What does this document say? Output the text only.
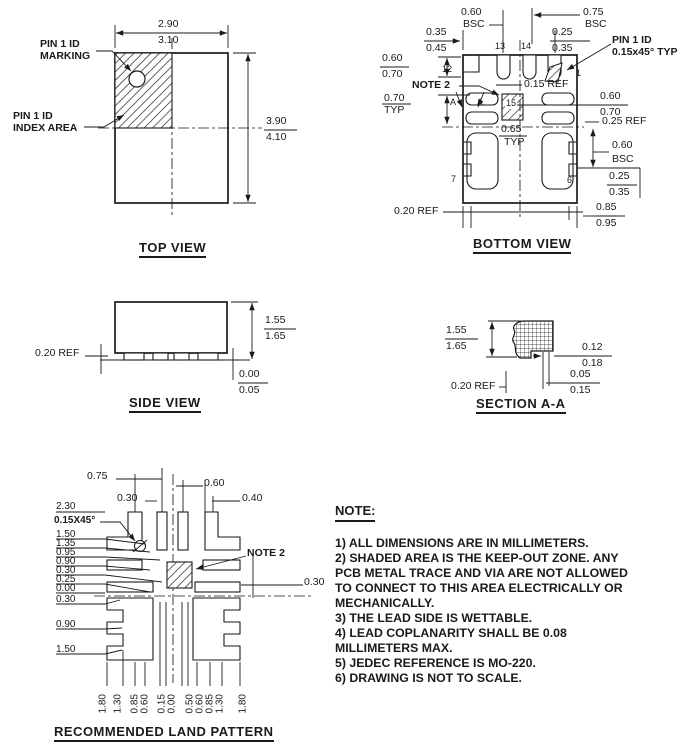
2.90
3.10
3.90
4.10
PIN 1 ID
MARKING
PIN 1 ID
INDEX AREA
TOP VIEW
0.60
BSC
0.75
BSC
0.35
0.45
0.25
0.35
PIN 1 ID
0.15x45° TYP
13 14
12	1
0.60
0.70
NOTE 2
0.70
TYP
A A
0.15 REF
15
0.65
TYP
0.60
0.70
0.25 REF
0.60
BSC
0.25
0.35
0.85
0.95
0.20 REF
7	6
BOTTOM VIEW
1.55
1.65
0.00
0.05
0.20 REF
SIDE VIEW
1.55
1.65	0.12
0.18
0.05
0.15
0.20 REF
SECTION A-A
0.75
0.30
0.60
0.40
2.30
0.15X45°
1.50
1.35
0.95
0.90
0.30
0.25
0.00
0.30
0.90
1.50
1.80 1.30 0.85 0.60 0.15 0.00 0.50 0.60 0.85 1.30 1.80
NOTE 2
0.30
RECOMMENDED LAND PATTERN
NOTE:
1) ALL DIMENSIONS ARE IN MILLIMETERS.
2) SHADED AREA IS THE KEEP-OUT ZONE. ANY
PCB METAL TRACE AND VIA ARE NOT ALLOWED
TO CONNECT TO THIS AREA ELECTRICALLY OR
MECHANICALLY.
3) THE LEAD SIDE IS WETTABLE.
4) LEAD COPLANARITY SHALL BE 0.08
MILLIMETERS MAX.
5) JEDEC REFERENCE IS MO-220.
6) DRAWING IS NOT TO SCALE.
